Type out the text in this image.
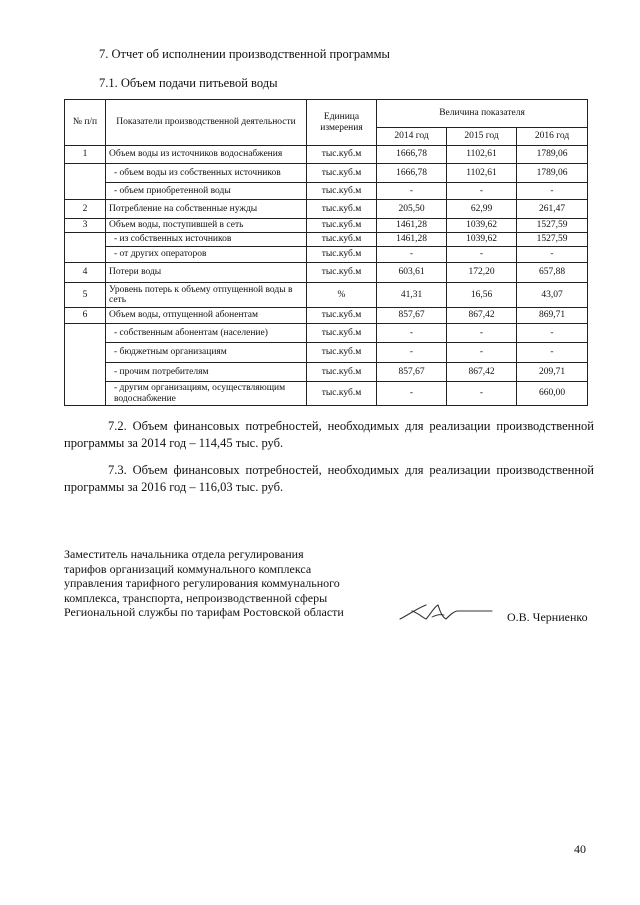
7. Отчет об исполнении производственной программы
7.1. Объем подачи питьевой воды
№ п/п	Показатели производственной деятельности	Единица измерения	Величина показателя		
			2014 год	2015 год	2016 год
1	Объем воды из источников водоснабжения	тыс.куб.м	1666,78	1102,61	1789,06
	- объем воды из собственных источников	тыс.куб.м	1666,78	1102,61	1789,06
	- объем приобретенной воды	тыс.куб.м	-	-	-
2	Потребление на собственные нужды	тыс.куб.м	205,50	62,99	261,47
3	Объем воды, поступившей в сеть	тыс.куб.м	1461,28	1039,62	1527,59
	- из собственных источников	тыс.куб.м	1461,28	1039,62	1527,59
	- от других операторов	тыс.куб.м	-	-	-
4	Потери воды	тыс.куб.м	603,61	172,20	657,88
5	Уровень потерь к объему отпущенной воды в сеть	%	41,31	16,56	43,07
6	Объем воды, отпущенной абонентам	тыс.куб.м	857,67	867,42	869,71
	- собственным абонентам (население)	тыс.куб.м	-	-	-
	- бюджетным организациям	тыс.куб.м	-	-	-
	- прочим потребителям	тыс.куб.м	857,67	867,42	209,71
	- другим организациям, осуществляющим водоснабжение	тыс.куб.м	-	-	660,00
7.2. Объем финансовых потребностей, необходимых для реализации производственной программы за 2014 год – 114,45 тыс. руб.
7.3. Объем финансовых потребностей, необходимых для реализации производственной программы за 2016 год – 116,03 тыс. руб.
Заместитель начальника отдела регулирования
тарифов организаций коммунального комплекса
управления тарифного регулирования коммунального
комплекса, транспорта, непроизводственной сферы
Региональной службы по тарифам Ростовской области	О.В. Черниенко
40
